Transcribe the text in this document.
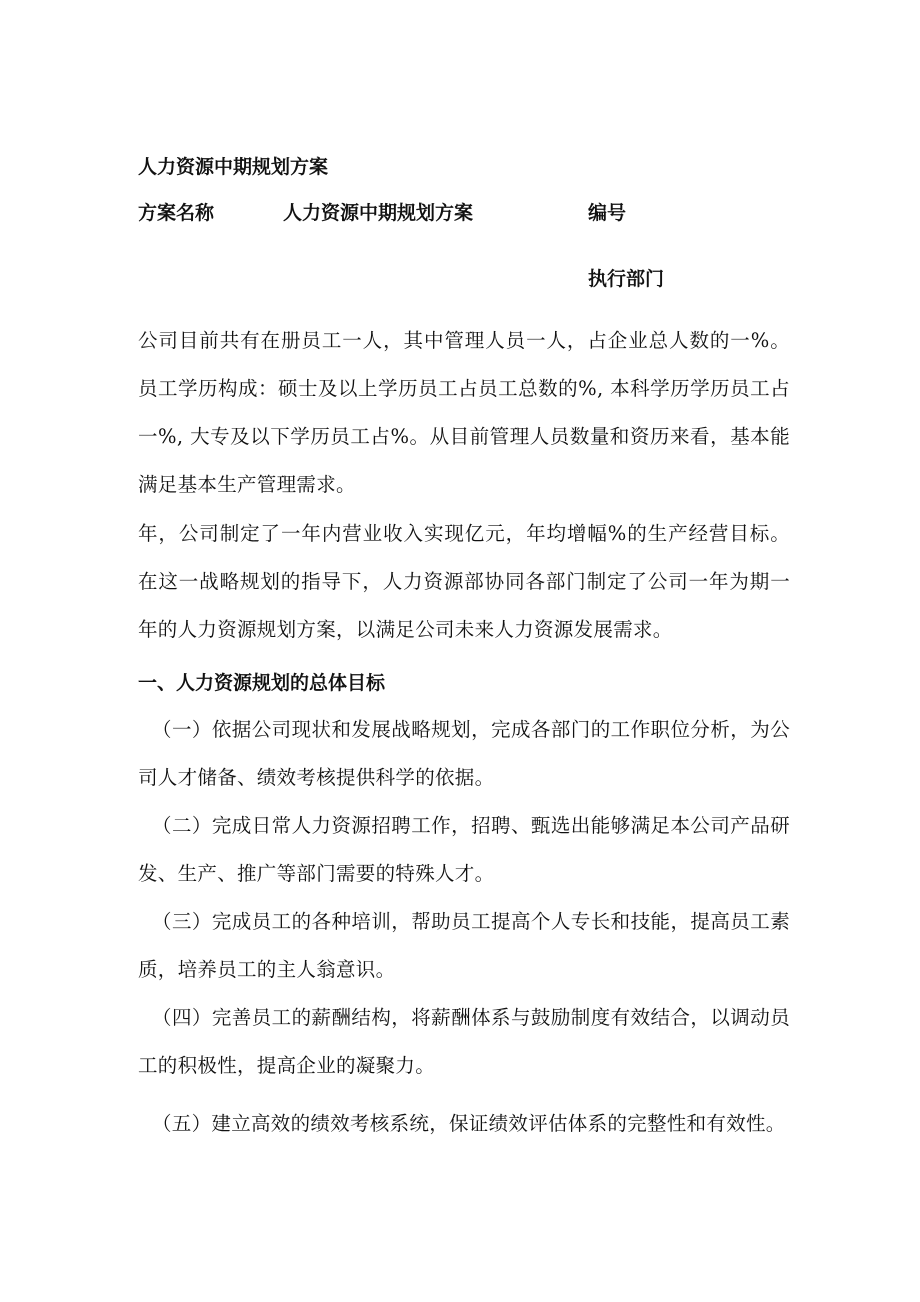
人力资源中期规划方案
方案名称	人力资源中期规划方案	编号
执行部门

公司目前共有在册员工一人，其中管理人员一人，占企业总人数的一%。员工学历构成：硕士及以上学历员工占员工总数的%, 本科学历学历员工占一%, 大专及以下学历员工占%。从目前管理人员数量和资历来看，基本能满足基本生产管理需求。

年，公司制定了一年内营业收入实现亿元，年均增幅%的生产经营目标。在这一战略规划的指导下，人力资源部协同各部门制定了公司一年为期一年的人力资源规划方案，以满足公司未来人力资源发展需求。

一、人力资源规划的总体目标

（一）依据公司现状和发展战略规划，完成各部门的工作职位分析，为公司人才储备、绩效考核提供科学的依据。

（二）完成日常人力资源招聘工作，招聘、甄选出能够满足本公司产品研发、生产、推广等部门需要的特殊人才。

（三）完成员工的各种培训，帮助员工提高个人专长和技能，提高员工素质，培养员工的主人翁意识。

（四）完善员工的薪酬结构，将薪酬体系与鼓励制度有效结合，以调动员工的积极性，提高企业的凝聚力。

（五）建立高效的绩效考核系统，保证绩效评估体系的完整性和有效性。
